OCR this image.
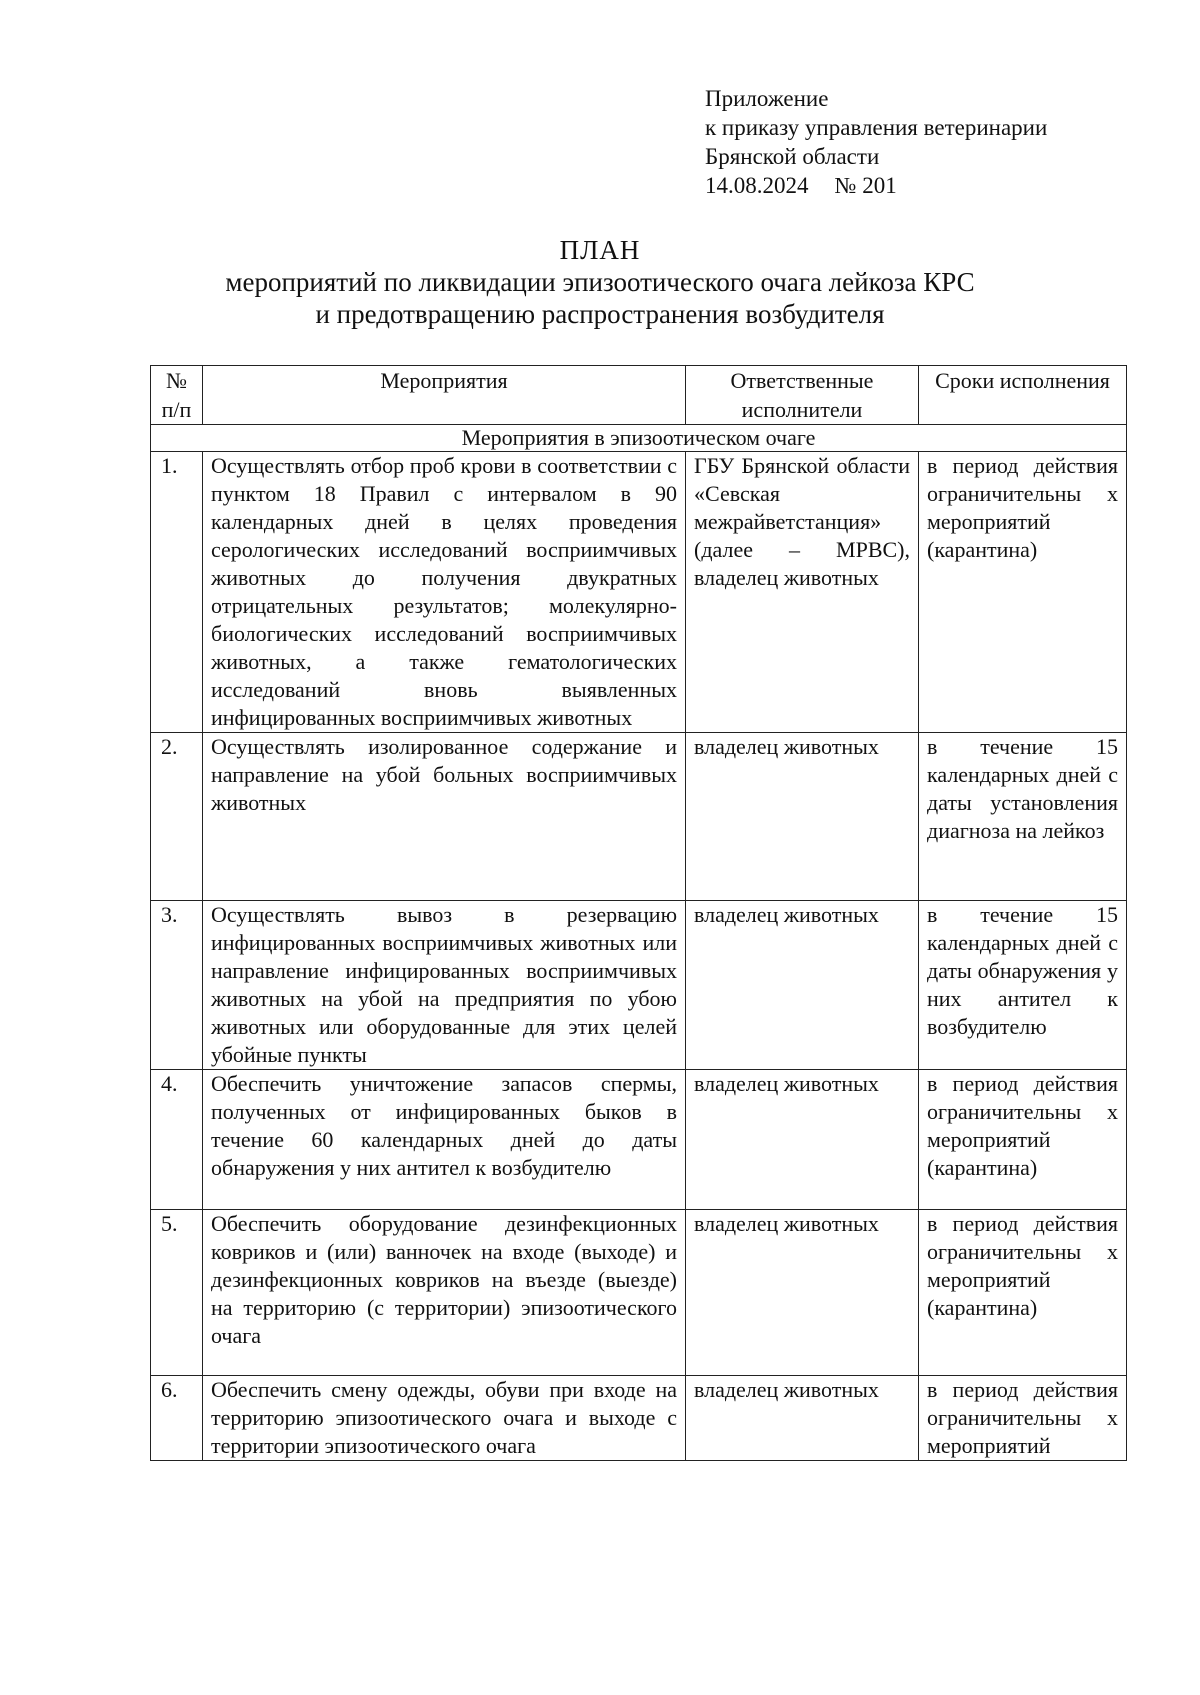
Приложение
к приказу управления ветеринарии
Брянской области
14.08.2024 № 201
ПЛАН
мероприятий по ликвидации эпизоотического очага лейкоза КРС
и предотвращению распространения возбудителя
№ п/п	Мероприятия	Ответственные исполнители	Сроки исполнения
Мероприятия в эпизоотическом очаге			
1.	Осуществлять отбор проб крови в соответствии с пунктом 18 Правил с интервалом в 90 календарных дней в целях проведения серологических исследований восприимчивых животных до получения двукратных отрицательных результатов; молекулярно-биологических исследований восприимчивых животных, а также гематологических исследований вновь выявленных инфицированных восприимчивых животных	ГБУ Брянской области «Севская межрайветстанция» (далее – МРВС), владелец животных	в период действия ограничительны х мероприятий (карантина)
2.	Осуществлять изолированное содержание и направление на убой больных восприимчивых животных	владелец животных	в течение 15 календарных дней с даты установления диагноза на лейкоз
3.	Осуществлять вывоз в резервацию инфицированных восприимчивых животных или направление инфицированных восприимчивых животных на убой на предприятия по убою животных или оборудованные для этих целей убойные пункты	владелец животных	в течение 15 календарных дней с даты обнаружения у них антител к возбудителю
4.	Обеспечить уничтожение запасов спермы, полученных от инфицированных быков в течение 60 календарных дней до даты обнаружения у них антител к возбудителю	владелец животных	в период действия ограничительны х мероприятий (карантина)
5.	Обеспечить оборудование дезинфекционных ковриков и (или) ванночек на входе (выходе) и дезинфекционных ковриков на въезде (выезде) на территорию (с территории) эпизоотического очага	владелец животных	в период действия ограничительны х мероприятий (карантина)
6.	Обеспечить смену одежды, обуви при входе на территорию эпизоотического очага и выходе с территории эпизоотического очага	владелец животных	в период действия ограничительны х мероприятий
